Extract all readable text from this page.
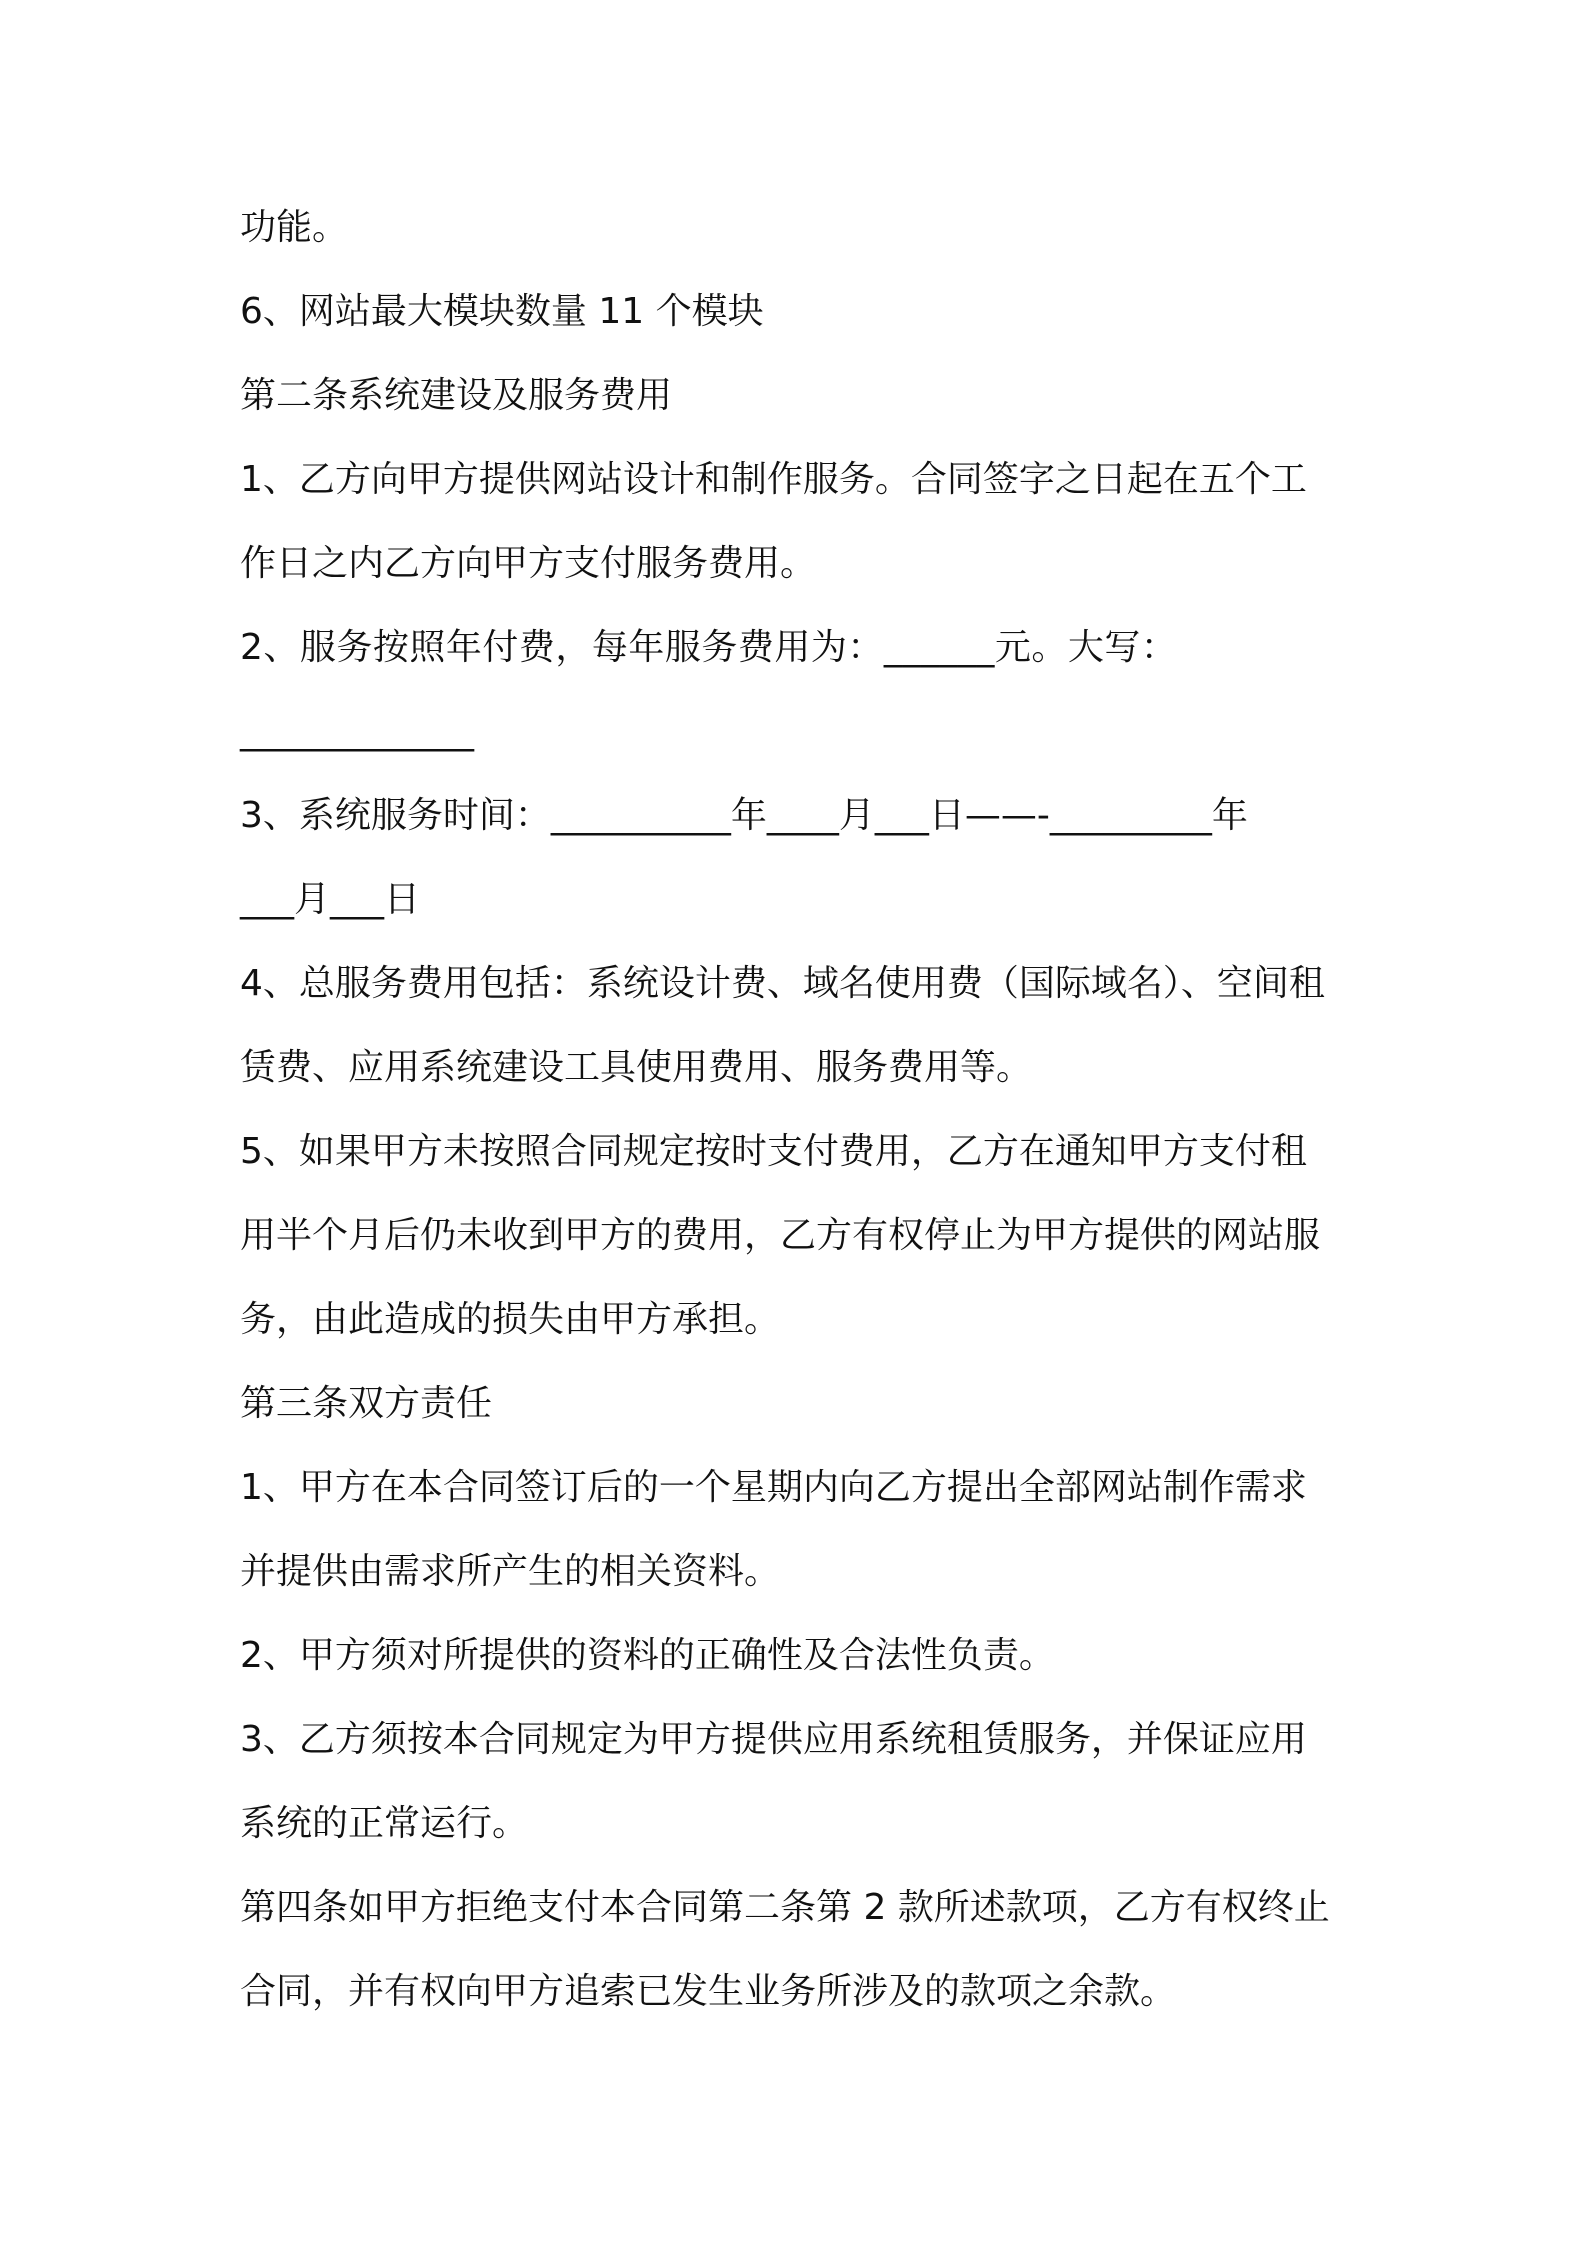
功能。
6、网站最大模块数量 11 个模块
第二条系统建设及服务费用
1、乙方向甲方提供网站设计和制作服务。合同签字之日起在五个工
作日之内乙方向甲方支付服务费用。
2、服务按照年付费，每年服务费用为：______元。大写：
_____________
3、系统服务时间：__________年____月___日——-_________年
___月___日
4、总服务费用包括：系统设计费、域名使用费（国际域名）、空间租
赁费、应用系统建设工具使用费用、服务费用等。
5、如果甲方未按照合同规定按时支付费用，乙方在通知甲方支付租
用半个月后仍未收到甲方的费用，乙方有权停止为甲方提供的网站服
务，由此造成的损失由甲方承担。
第三条双方责任
1、甲方在本合同签订后的一个星期内向乙方提出全部网站制作需求
并提供由需求所产生的相关资料。
2、甲方须对所提供的资料的正确性及合法性负责。
3、乙方须按本合同规定为甲方提供应用系统租赁服务，并保证应用
系统的正常运行。
第四条如甲方拒绝支付本合同第二条第 2 款所述款项，乙方有权终止
合同，并有权向甲方追索已发生业务所涉及的款项之余款。
